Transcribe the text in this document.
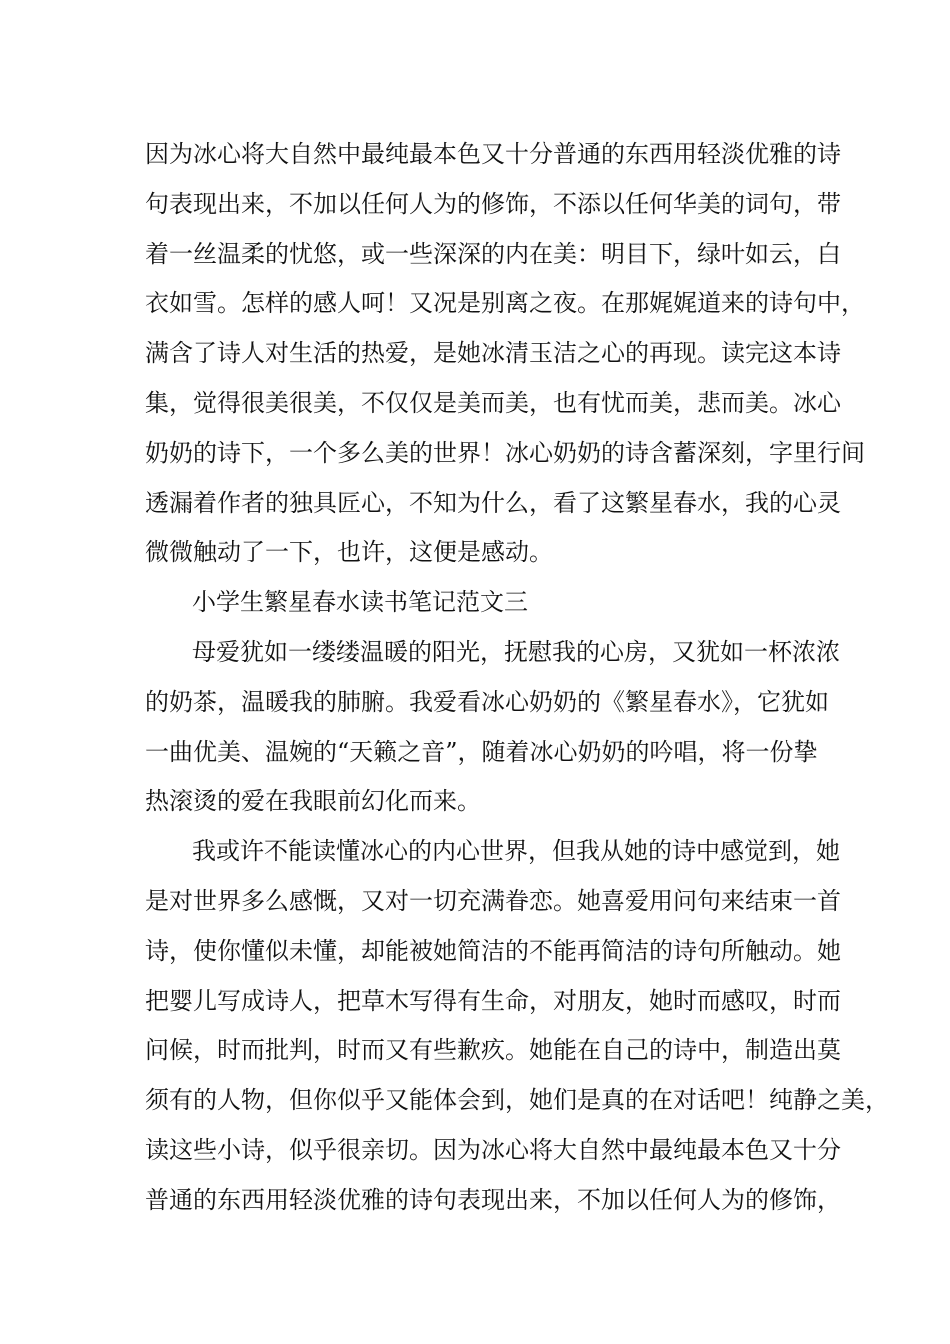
因为冰心将大自然中最纯最本色又十分普通的东西用轻淡优雅的诗
句表现出来，不加以任何人为的修饰，不添以任何华美的词句，带
着一丝温柔的忧悠，或一些深深的内在美：明目下，绿叶如云，白
衣如雪。怎样的感人呵！又况是别离之夜。在那娓娓道来的诗句中，
满含了诗人对生活的热爱，是她冰清玉洁之心的再现。读完这本诗
集，觉得很美很美，不仅仅是美而美，也有忧而美，悲而美。冰心
奶奶的诗下，一个多么美的世界！冰心奶奶的诗含蓄深刻，字里行间
透漏着作者的独具匠心，不知为什么，看了这繁星春水，我的心灵
微微触动了一下，也许，这便是感动。
小学生繁星春水读书笔记范文三
母爱犹如一缕缕温暖的阳光，抚慰我的心房，又犹如一杯浓浓
的奶茶，温暖我的肺腑。我爱看冰心奶奶的《繁星春水》，它犹如
一曲优美、温婉的“天籁之音”，随着冰心奶奶的吟唱，将一份挚
热滚烫的爱在我眼前幻化而来。
我或许不能读懂冰心的内心世界，但我从她的诗中感觉到，她
是对世界多么感慨，又对一切充满眷恋。她喜爱用问句来结束一首
诗，使你懂似未懂，却能被她简洁的不能再简洁的诗句所触动。她
把婴儿写成诗人，把草木写得有生命，对朋友，她时而感叹，时而
问候，时而批判，时而又有些歉疚。她能在自己的诗中，制造出莫
须有的人物，但你似乎又能体会到，她们是真的在对话吧！纯静之美，
读这些小诗，似乎很亲切。因为冰心将大自然中最纯最本色又十分
普通的东西用轻淡优雅的诗句表现出来，不加以任何人为的修饰，
